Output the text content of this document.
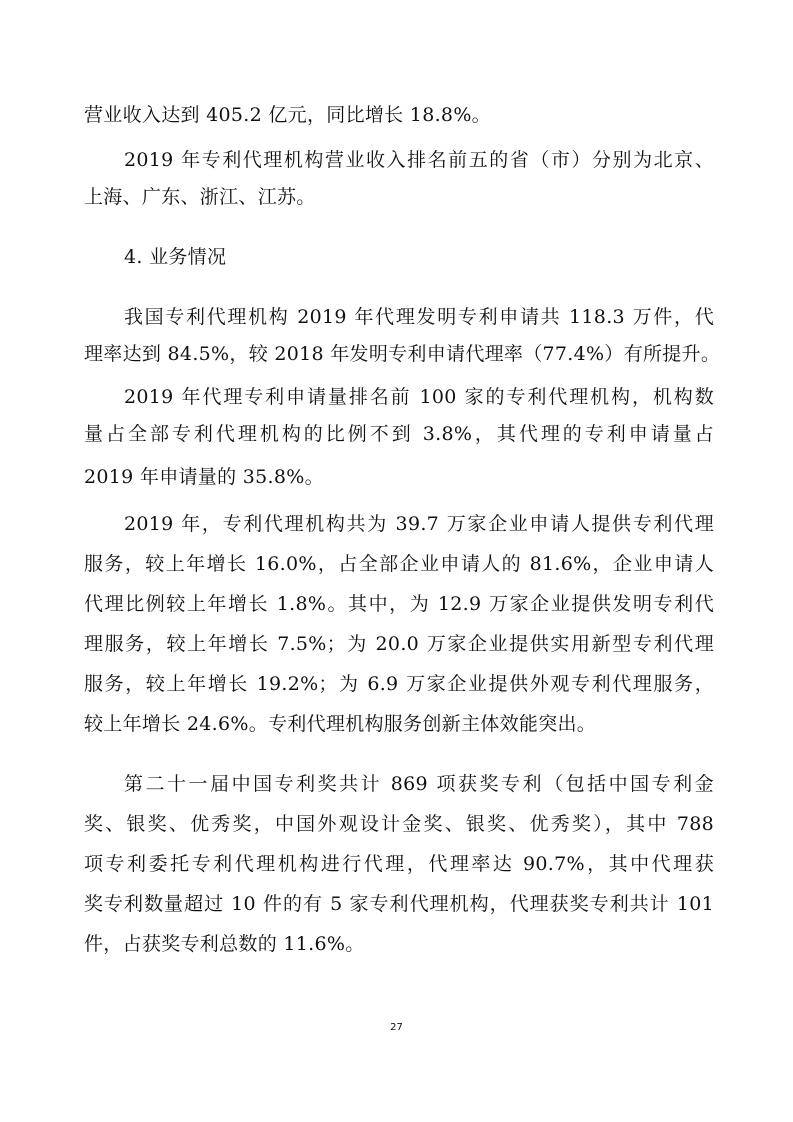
营业收入达到 405.2 亿元，同比增长 18.8%。
2019 年专利代理机构营业收入排名前五的省（市）分别为北京、
上海、广东、浙江、江苏。
4. 业务情况
我国专利代理机构 2019 年代理发明专利申请共 118.3 万件，代
理率达到 84.5%，较 2018 年发明专利申请代理率（77.4%）有所提升。
2019 年代理专利申请量排名前 100 家的专利代理机构，机构数
量占全部专利代理机构的比例不到 3.8%，其代理的专利申请量占
2019 年申请量的 35.8%。
2019 年，专利代理机构共为 39.7 万家企业申请人提供专利代理
服务，较上年增长 16.0%，占全部企业申请人的 81.6%，企业申请人
代理比例较上年增长 1.8%。其中，为 12.9 万家企业提供发明专利代
理服务，较上年增长 7.5%；为 20.0 万家企业提供实用新型专利代理
服务，较上年增长 19.2%；为 6.9 万家企业提供外观专利代理服务，
较上年增长 24.6%。专利代理机构服务创新主体效能突出。
第二十一届中国专利奖共计 869 项获奖专利（包括中国专利金
奖、银奖、优秀奖，中国外观设计金奖、银奖、优秀奖），其中 788
项专利委托专利代理机构进行代理，代理率达 90.7%，其中代理获
奖专利数量超过 10 件的有 5 家专利代理机构，代理获奖专利共计 101
件，占获奖专利总数的 11.6%。
27
